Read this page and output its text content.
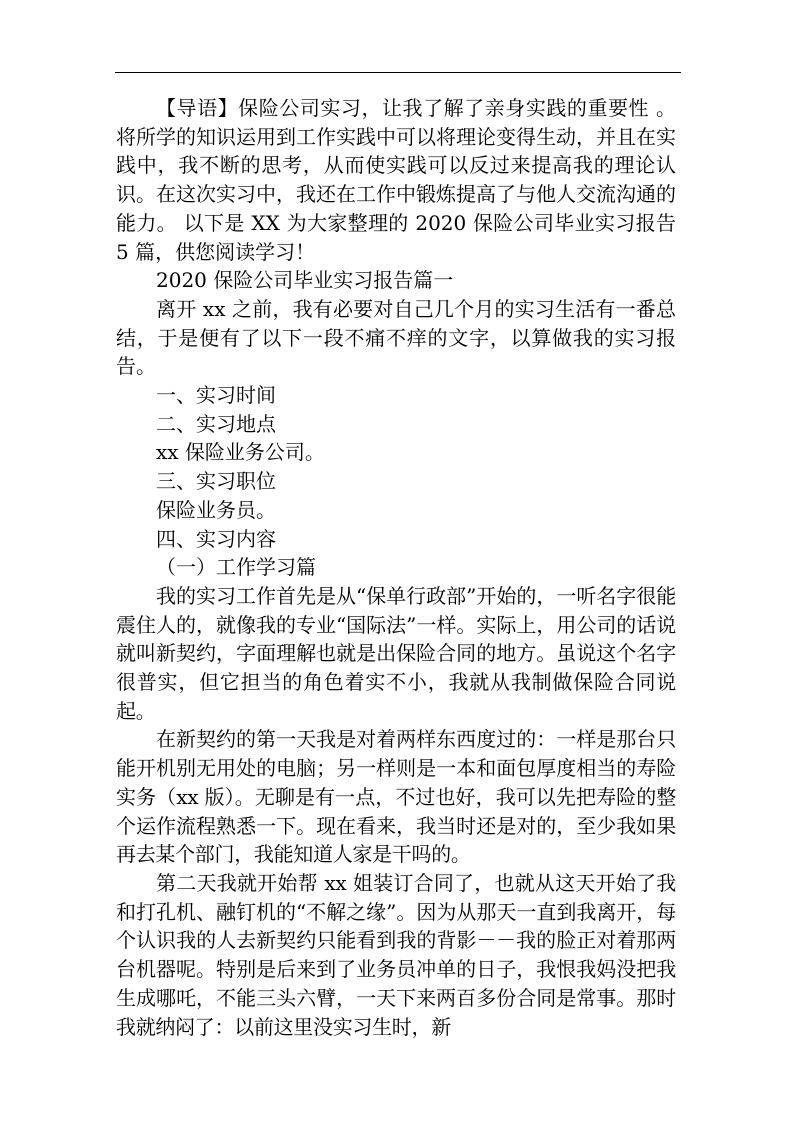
【导语】保险公司实习，让我了解了亲身实践的重要性 。将所学的知识运用到工作实践中可以将理论变得生动，并且在实践中，我不断的思考，从而使实践可以反过来提高我的理论认识。在这次实习中，我还在工作中锻炼提高了与他人交流沟通的能力。 以下是 XX 为大家整理的 2020 保险公司毕业实习报告 5 篇，供您阅读学习！

2020 保险公司毕业实习报告篇一

离开 xx 之前，我有必要对自己几个月的实习生活有一番总结，于是便有了以下一段不痛不痒的文字，以算做我的实习报告。

一、实习时间

二、实习地点

xx 保险业务公司。

三、实习职位

保险业务员。

四、实习内容

（一）工作学习篇

我的实习工作首先是从“保单行政部”开始的，一听名字很能震住人的，就像我的专业“国际法”一样。实际上，用公司的话说就叫新契约，字面理解也就是出保险合同的地方。虽说这个名字很普实，但它担当的角色着实不小，我就从我制做保险合同说起。

在新契约的第一天我是对着两样东西度过的：一样是那台只能开机别无用处的电脑；另一样则是一本和面包厚度相当的寿险实务（xx 版）。无聊是有一点，不过也好，我可以先把寿险的整个运作流程熟悉一下。现在看来，我当时还是对的，至少我如果再去某个部门，我能知道人家是干吗的。

第二天我就开始帮 xx 姐装订合同了，也就从这天开始了我和打孔机、融钉机的“不解之缘”。因为从那天一直到我离开，每个认识我的人去新契约只能看到我的背影－－我的脸正对着那两台机器呢。特别是后来到了业务员冲单的日子，我恨我妈没把我生成哪吒，不能三头六臂，一天下来两百多份合同是常事。那时我就纳闷了：以前这里没实习生时，新
